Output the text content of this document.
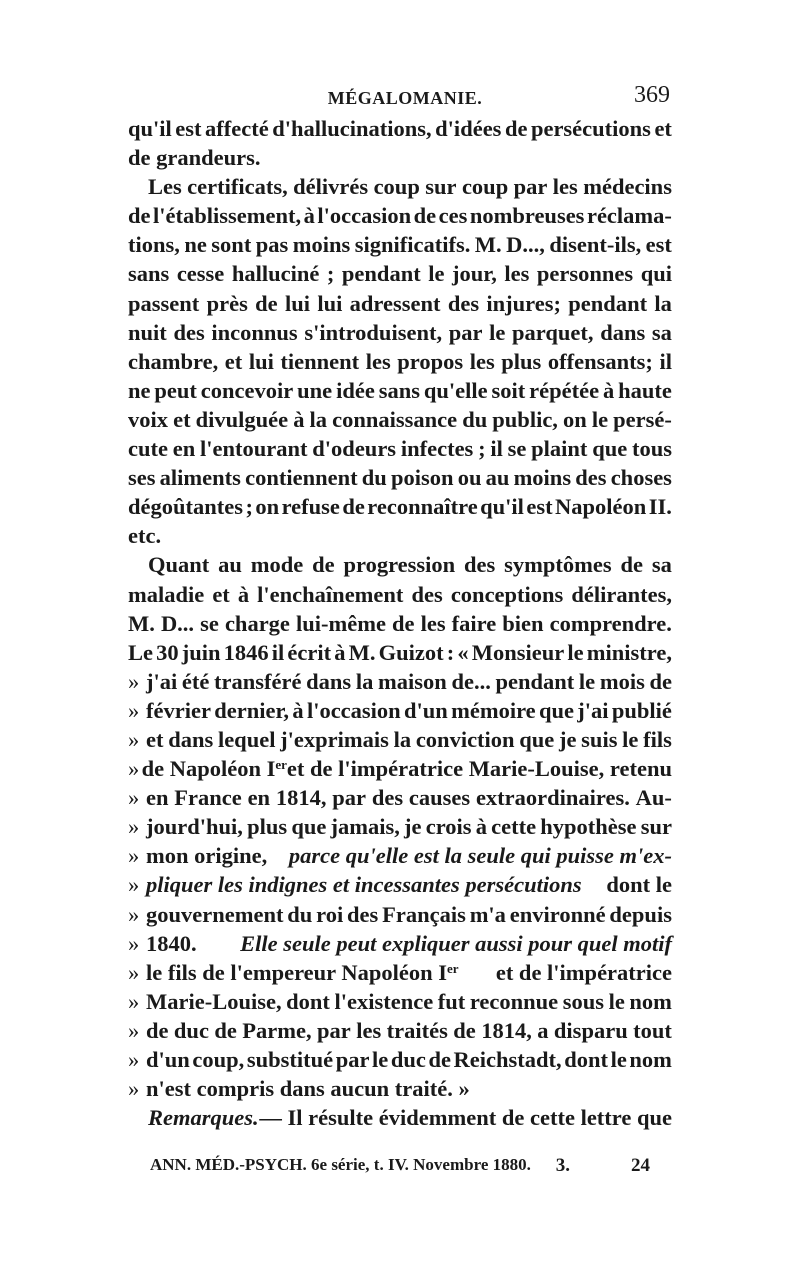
MÉGALOMANIE.	369
qu'il est affecté d'hallucinations, d'idées de persécutions et
de grandeurs.
Les certificats, délivrés coup sur coup par les médecins
de l'établissement, à l'occasion de ces nombreuses réclama-
tions, ne sont pas moins significatifs. M. D..., disent-ils, est
sans cesse halluciné ; pendant le jour, les personnes qui
passent près de lui lui adressent des injures; pendant la
nuit des inconnus s'introduisent, par le parquet, dans sa
chambre, et lui tiennent les propos les plus offensants; il
ne peut concevoir une idée sans qu'elle soit répétée à haute
voix et divulguée à la connaissance du public, on le persé-
cute en l'entourant d'odeurs infectes ; il se plaint que tous
ses aliments contiennent du poison ou au moins des choses
dégoûtantes ; on refuse de reconnaître qu'il est Napoléon II.
etc.
Quant au mode de progression des symptômes de sa
maladie et à l'enchaînement des conceptions délirantes,
M. D... se charge lui-même de les faire bien comprendre.
Le 30 juin 1846 il écrit à M. Guizot : « Monsieur le ministre,
» j'ai été transféré dans la maison de... pendant le mois de
» février dernier, à l'occasion d'un mémoire que j'ai publié
» et dans lequel j'exprimais la conviction que je suis le fils
» de Napoléon Ier et de l'impératrice Marie-Louise, retenu
» en France en 1814, par des causes extraordinaires. Au-
» jourd'hui, plus que jamais, je crois à cette hypothèse sur
» mon origine, parce qu'elle est la seule qui puisse m'ex-
» pliquer les indignes et incessantes persécutions dont le
» gouvernement du roi des Français m'a environné depuis
» 1840. Elle seule peut expliquer aussi pour quel motif
» le fils de l'empereur Napoléon Ier et de l'impératrice
» Marie-Louise, dont l'existence fut reconnue sous le nom
» de duc de Parme, par les traités de 1814, a disparu tout
» d'un coup, substitué par le duc de Reichstadt, dont le nom
» n'est compris dans aucun traité. »
Remarques. — Il résulte évidemment de cette lettre que
ANN. MÉD.-PSYCH. 6e série, t. IV. Novembre 1880. 3.	24
